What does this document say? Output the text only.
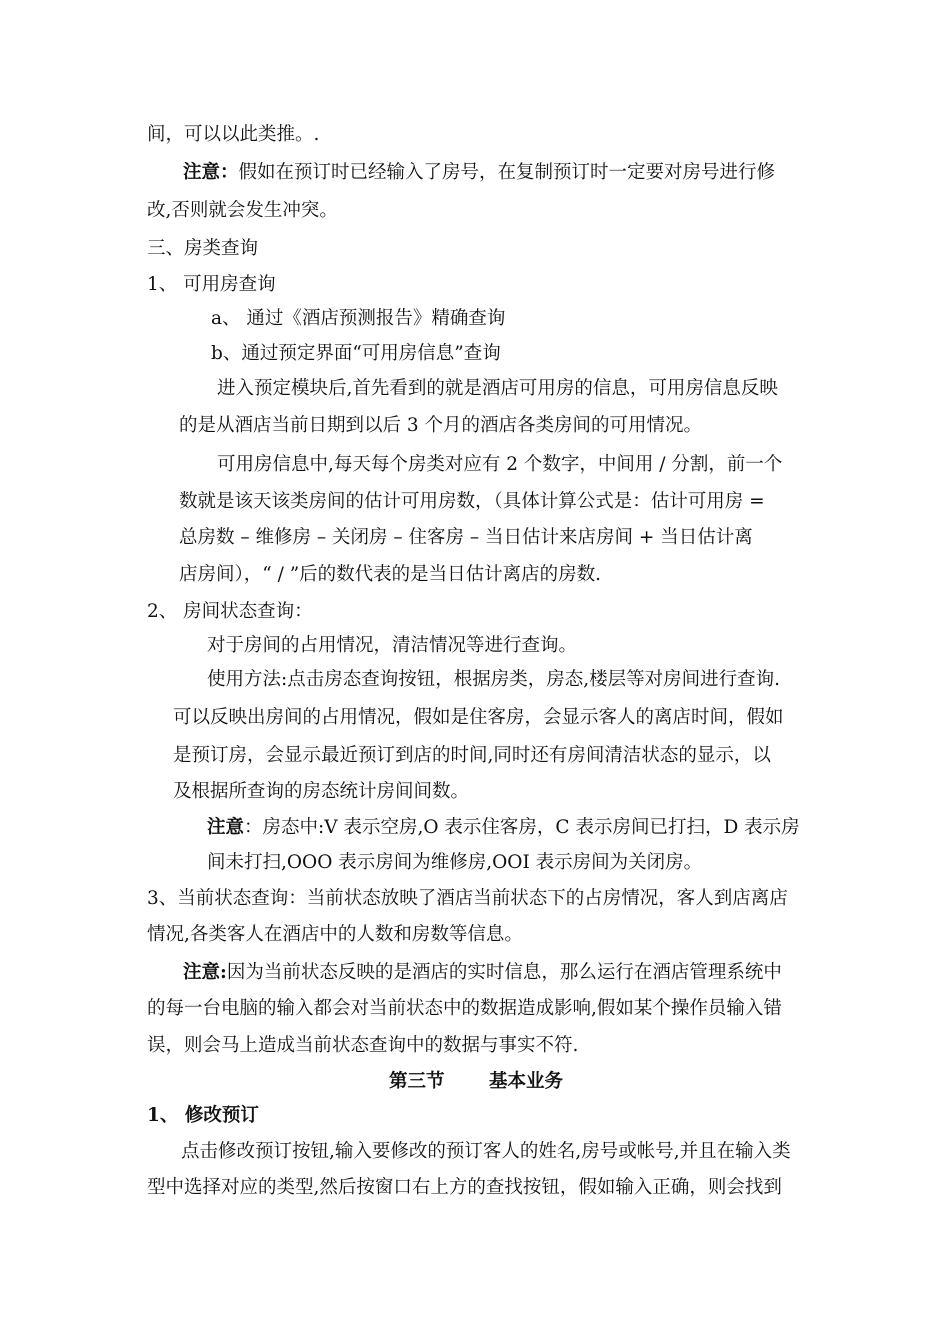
间，可以以此类推。.
注意：假如在预订时已经输入了房号，在复制预订时一定要对房号进行修
改,否则就会发生冲突。
三、房类查询
1、 可用房查询
a、 通过《酒店预测报告》精确查询
b、通过预定界面“可用房信息”查询
进入预定模块后,首先看到的就是酒店可用房的信息，可用房信息反映
的是从酒店当前日期到以后 3 个月的酒店各类房间的可用情况。
可用房信息中,每天每个房类对应有 2 个数字，中间用 / 分割，前一个
数就是该天该类房间的估计可用房数，（具体计算公式是：估计可用房 =
总房数 – 维修房 – 关闭房 – 住客房 – 当日估计来店房间 + 当日估计离
店房间），“ / ”后的数代表的是当日估计离店的房数.
2、 房间状态查询：
对于房间的占用情况，清洁情况等进行查询。
使用方法:点击房态查询按钮，根据房类，房态,楼层等对房间进行查询.
可以反映出房间的占用情况，假如是住客房，会显示客人的离店时间，假如
是预订房，会显示最近预订到店的时间,同时还有房间清洁状态的显示，以
及根据所查询的房态统计房间间数。
注意：房态中:V 表示空房,O 表示住客房，C 表示房间已打扫，D 表示房
间未打扫,OOO 表示房间为维修房,OOI 表示房间为关闭房。
3、当前状态查询：当前状态放映了酒店当前状态下的占房情况，客人到店离店
情况,各类客人在酒店中的人数和房数等信息。
注意:因为当前状态反映的是酒店的实时信息，那么运行在酒店管理系统中
的每一台电脑的输入都会对当前状态中的数据造成影响,假如某个操作员输入错
误，则会马上造成当前状态查询中的数据与事实不符.
第三节 基本业务
1、 修改预订
点击修改预订按钮,输入要修改的预订客人的姓名,房号或帐号,并且在输入类
型中选择对应的类型,然后按窗口右上方的查找按钮，假如输入正确，则会找到
